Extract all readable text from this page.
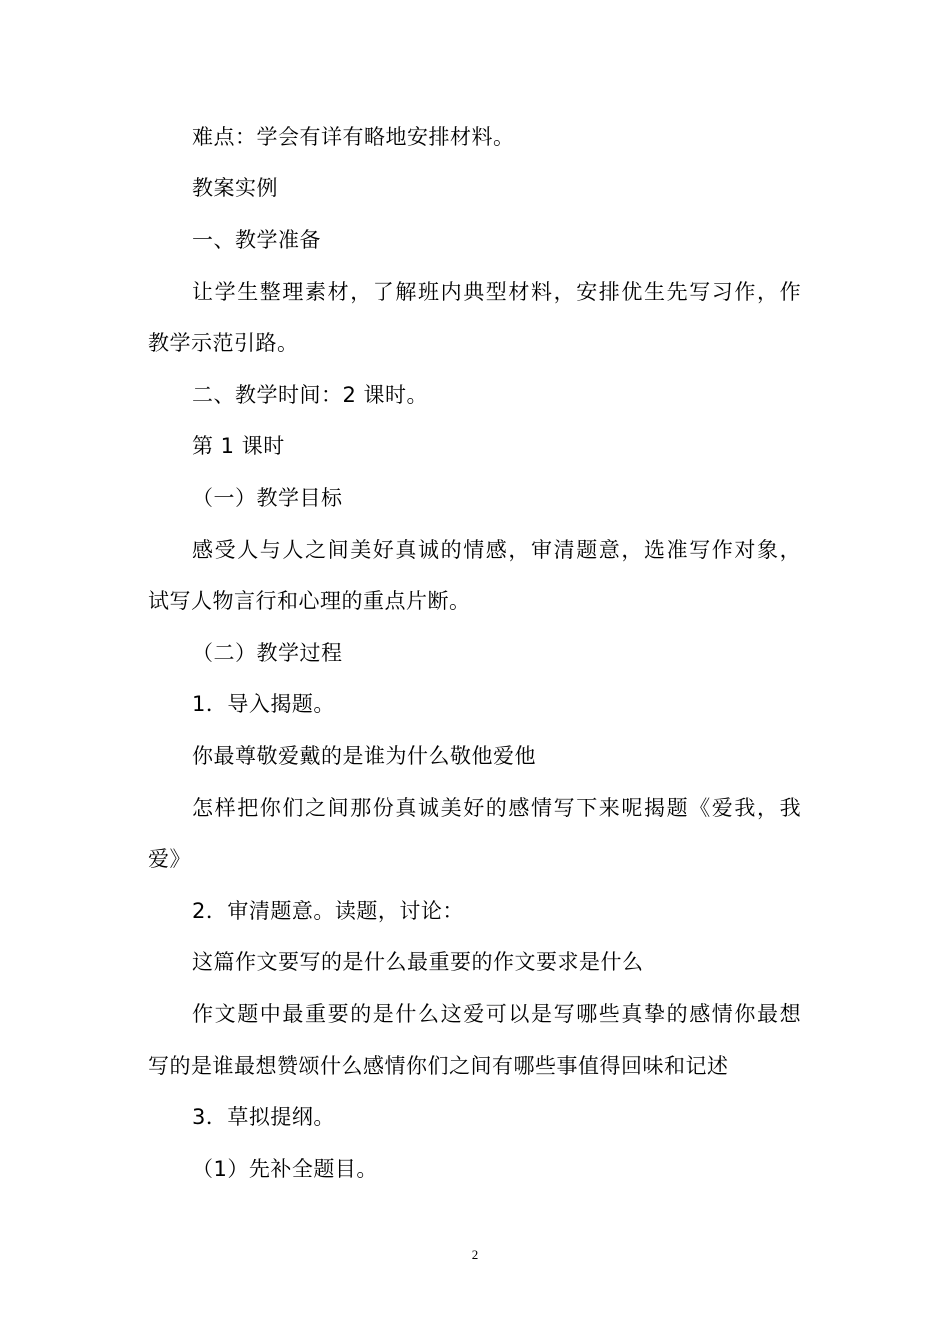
难点：学会有详有略地安排材料。
教案实例
一、教学准备
让学生整理素材，了解班内典型材料，安排优生先写习作，作
教学示范引路。
二、教学时间：2 课时。
第 1 课时
（一）教学目标
感受人与人之间美好真诚的情感，审清题意，选准写作对象，
试写人物言行和心理的重点片断。
（二）教学过程
1．导入揭题。
你最尊敬爱戴的是谁为什么敬他爱他
怎样把你们之间那份真诚美好的感情写下来呢揭题《爱我，我
爱》
2．审清题意。读题，讨论：
这篇作文要写的是什么最重要的作文要求是什么
作文题中最重要的是什么这爱可以是写哪些真挚的感情你最想
写的是谁最想赞颂什么感情你们之间有哪些事值得回味和记述
3．草拟提纲。
（1）先补全题目。
2
